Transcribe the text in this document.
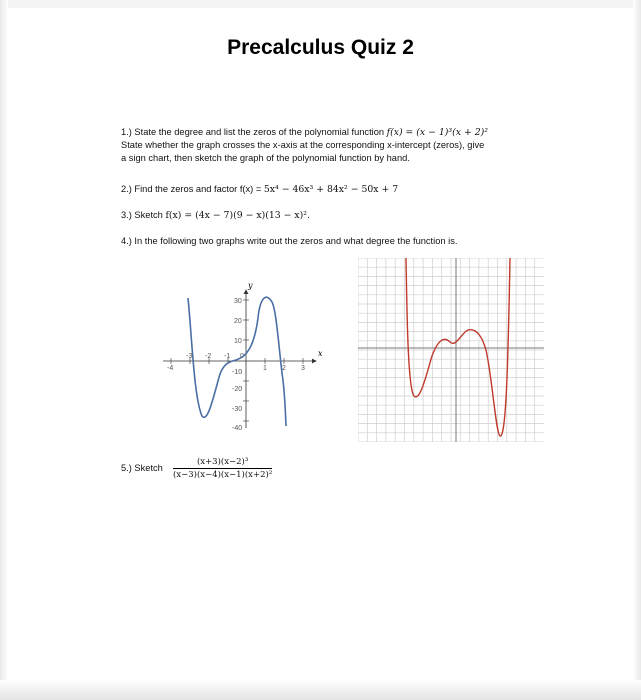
Precalculus Quiz 2
1.) State the degree and list the zeros of the polynomial function f(x) = (x − 1)³(x + 2)²
State whether the graph crosses the x-axis at the corresponding x-intercept (zeros), give
a sign chart, then sketch the graph of the polynomial function by hand.
2.) Find the zeros and factor f(x) = 5x⁴ − 46x³ + 84x² − 50x + 7
3.) Sketch f(x) = (4x − 7)(9 − x)(13 − x)².
4.) In the following two graphs write out the zeros and what degree the function is.
y
x
30
20
10
-10
-20
-30
-40
-4
-3 -2 -1 0
1 2 3
5.) Sketch $\frac{\text{(x+3)(x−2)³}}{\text{(x−3)(x−4)(x−1)(x+2)²}}$
